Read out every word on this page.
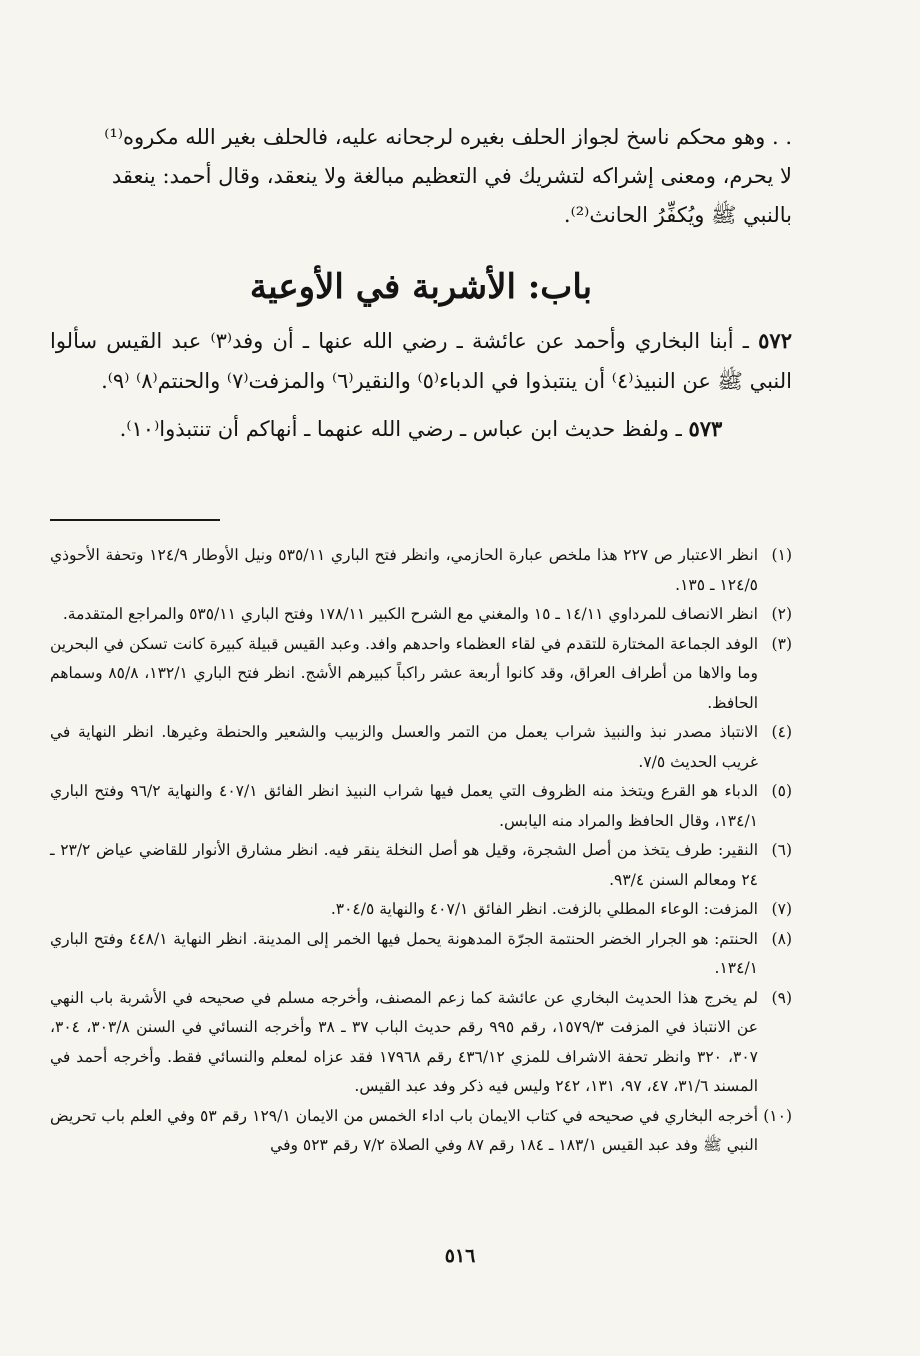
. . وهو محكم ناسخ لجواز الحلف بغيره لرجحانه عليه، فالحلف بغير الله مكروه⁽¹⁾

لا يحرم، ومعنى إشراكه لتشريك في التعظيم مبالغة ولا ينعقد، وقال أحمد: ينعقد

بالنبي ﷺ ويُكفِّرُ الحانث⁽²⁾.

باب: الأشربة في الأوعية

٥٧٢ ـ أبنا البخاري وأحمد عن عائشة ـ رضي الله عنها ـ أن وفد⁽٣⁾ عبد القيس سألوا النبي ﷺ عن النبيذ⁽٤⁾ أن ينتبذوا في الدباء⁽٥⁾ والنقير⁽٦⁾ والمزفت⁽٧⁾ والحنتم⁽٨⁾ ⁽٩⁾.

٥٧٣ ـ ولفظ حديث ابن عباس ـ رضي الله عنهما ـ أنهاكم أن تنتبذوا⁽١٠⁾.

(١)
انظر الاعتبار ص ٢٢٧ هذا ملخص عبارة الحازمي، وانظر فتح الباري ٥٣٥/١١ ونيل الأوطار ١٢٤/٩ وتحفة الأحوذي ١٢٤/٥ ـ ١٣٥.

(٢)
انظر الانصاف للمرداوي ١٤/١١ ـ ١٥ والمغني مع الشرح الكبير ١٧٨/١١ وفتح الباري ٥٣٥/١١ والمراجع المتقدمة.

(٣)
الوفد الجماعة المختارة للتقدم في لقاء العظماء واحدهم وافد. وعبد القيس قبيلة كبيرة كانت تسكن في البحرين وما والاها من أطراف العراق، وقد كانوا أربعة عشر راكباً كبيرهم الأشج. انظر فتح الباري ١٣٢/١، ٨٥/٨ وسماهم الحافظ.

(٤)
الانتباذ مصدر نبذ والنبيذ شراب يعمل من التمر والعسل والزبيب والشعير والحنطة وغيرها. انظر النهاية في غريب الحديث ٧/٥.

(٥)
الدباء هو القرع ويتخذ منه الظروف التي يعمل فيها شراب النبيذ انظر الفائق ٤٠٧/١ والنهاية ٩٦/٢ وفتح الباري ١٣٤/١، وقال الحافظ والمراد منه اليابس.

(٦)
النقير: طرف يتخذ من أصل الشجرة، وقيل هو أصل النخلة ينقر فيه. انظر مشارق الأنوار للقاضي عياض ٢٣/٢ ـ ٢٤ ومعالم السنن ٩٣/٤.

(٧)
المزفت: الوعاء المطلي بالزفت. انظر الفائق ٤٠٧/١ والنهاية ٣٠٤/٥.

(٨)
الحنتم: هو الجرار الخضر الحنتمة الجرّة المدهونة يحمل فيها الخمر إلى المدينة. انظر النهاية ٤٤٨/١ وفتح الباري ١٣٤/١.

(٩)
لم يخرج هذا الحديث البخاري عن عائشة كما زعم المصنف، وأخرجه مسلم في صحيحه في الأشربة باب النهي عن الانتباذ في المزفت ١٥٧٩/٣، رقم ٩٩٥ رقم حديث الباب ٣٧ ـ ٣٨ وأخرجه النسائي في السنن ٣٠٣/٨، ٣٠٤، ٣٠٧، ٣٢٠ وانظر تحفة الاشراف للمزي ٤٣٦/١٢ رقم ١٧٩٦٨ فقد عزاه لمعلم والنسائي فقط. وأخرجه أحمد في المسند ٣١/٦، ٤٧، ٩٧، ١٣١، ٢٤٢ وليس فيه ذكر وفد عبد القيس.

(١٠)
أخرجه البخاري في صحيحه في كتاب الايمان باب اداء الخمس من الايمان ١٢٩/١ رقم ٥٣ وفي العلم باب تحريض النبي ﷺ وفد عبد القيس ١٨٣/١ ـ ١٨٤ رقم ٨٧ وفي الصلاة ٧/٢ رقم ٥٢٣ وفي

٥١٦
